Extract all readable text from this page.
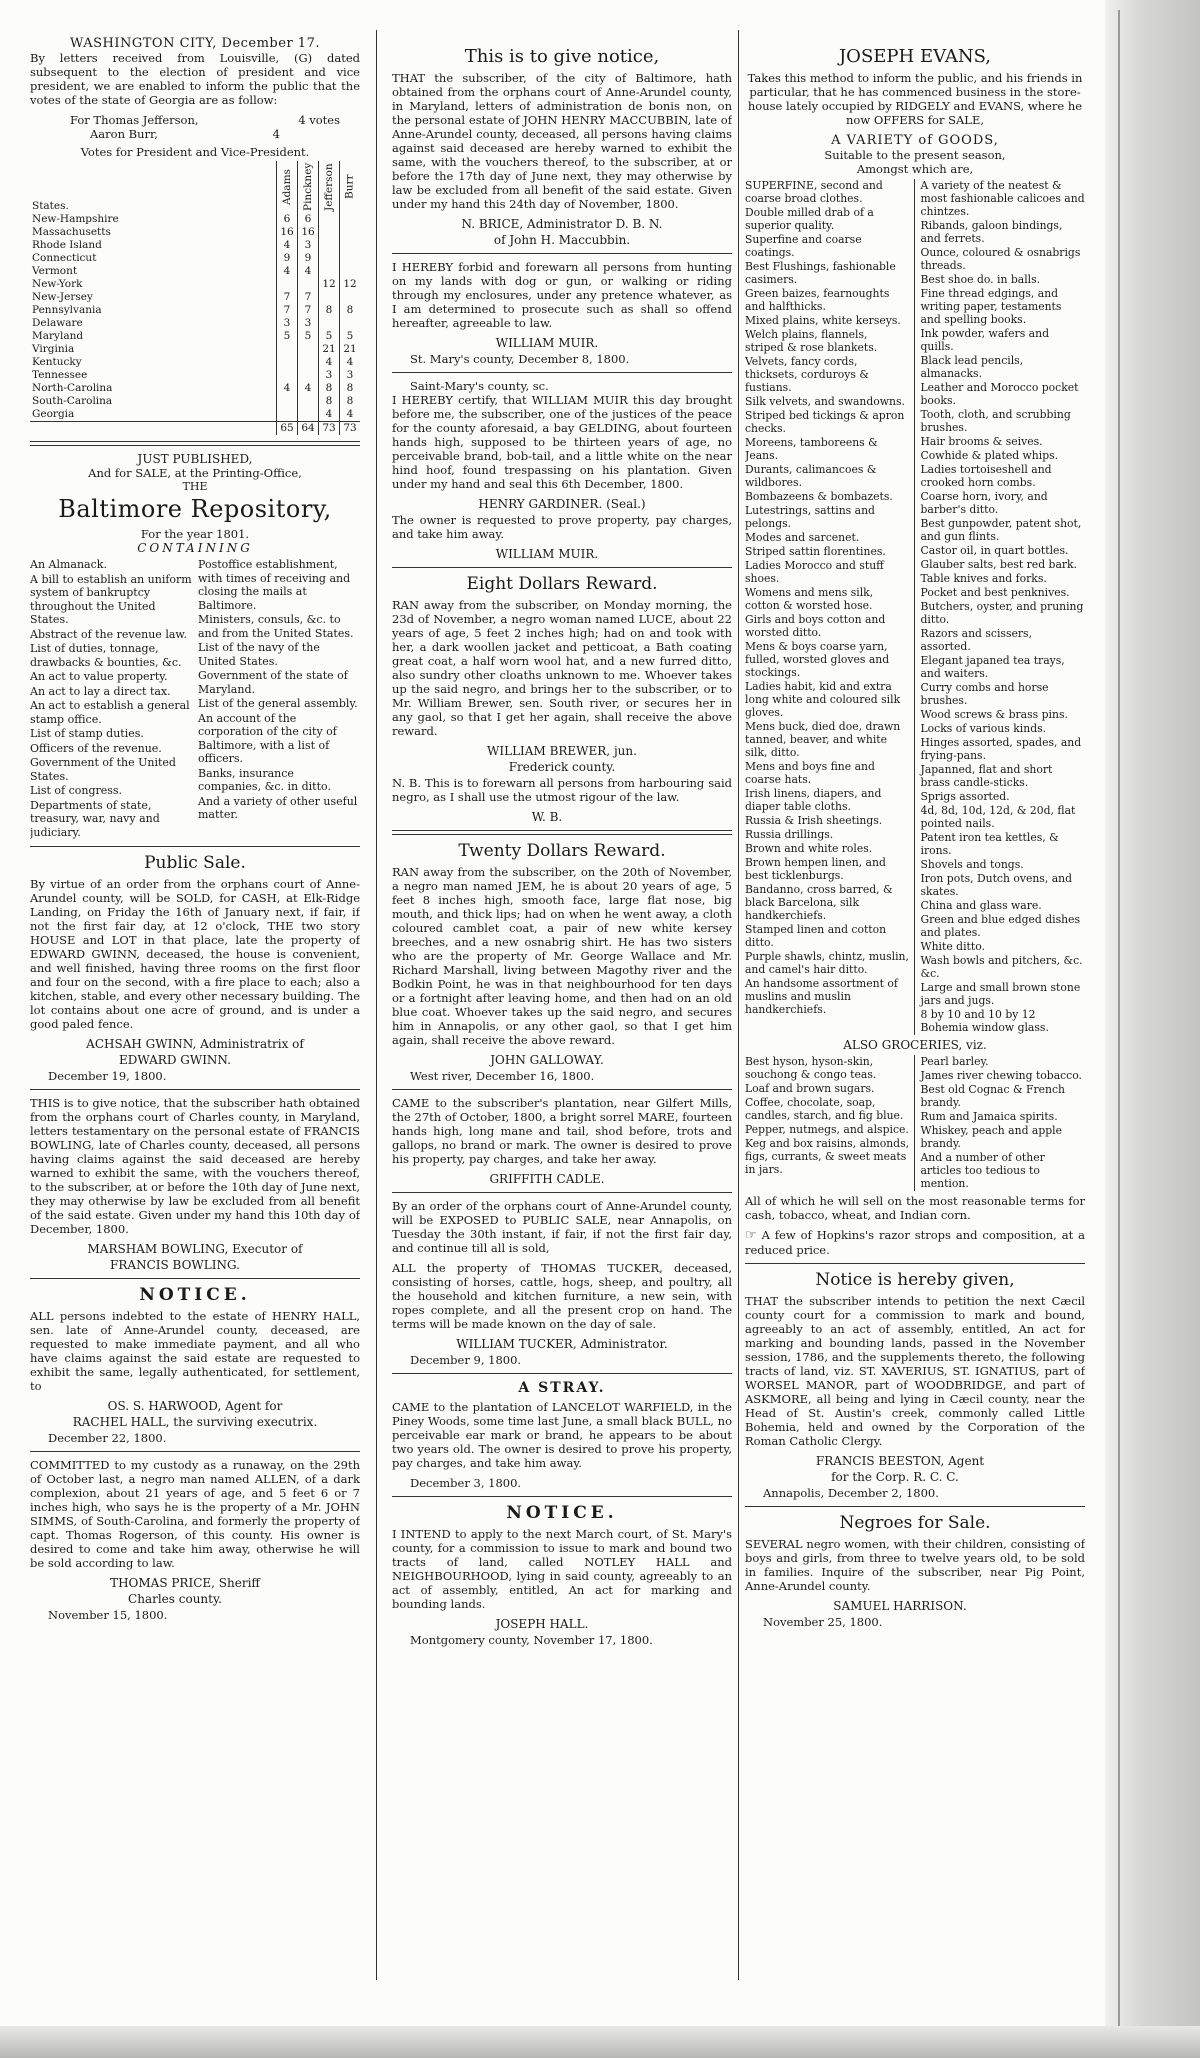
WASHINGTON CITY, December 17.

By letters received from Louisville, (G) dated subsequent to the election of president and vice president, we are enabled to inform the public that the votes of the state of Georgia are as follow:

For Thomas Jefferson,	4 votes
Aaron Burr,	4
Votes for President and Vice-President.
States.	Adams	Pinckney	Jefferson	Burr
New-Hampshire	6	6		
Massachusetts	16	16		
Rhode Island	4	3		
Connecticut	9	9		
Vermont	4	4		
New-York			12	12
New-Jersey	7	7		
Pennsylvania	7	7	8	8
Delaware	3	3		
Maryland	5	5	5	5
Virginia			21	21
Kentucky			4	4
Tennessee			3	3
North-Carolina	4	4	8	8
South-Carolina			8	8
Georgia			4	4
	65	64	73	73
JUST PUBLISHED,
And for SALE, at the Printing-Office,
THE
Baltimore Repository,
For the year 1801.
CONTAINING

An Almanack.

A bill to establish an uniform system of bankruptcy throughout the United States.

Abstract of the revenue law.

List of duties, tonnage, drawbacks & bounties, &c.

An act to value property.

An act to lay a direct tax.

An act to establish a general stamp office.

List of stamp duties.

Officers of the revenue.

Government of the United States.

List of congress.

Departments of state, treasury, war, navy and judiciary.

Postoffice establishment, with times of receiving and closing the mails at Baltimore.

Ministers, consuls, &c. to and from the United States.

List of the navy of the United States.

Government of the state of Maryland.

List of the general assembly.

An account of the corporation of the city of Baltimore, with a list of officers.

Banks, insurance companies, &c. in ditto.

And a variety of other useful matter.

Public Sale.

By virtue of an order from the orphans court of Anne-Arundel county, will be SOLD, for CASH, at Elk-Ridge Landing, on Friday the 16th of January next, if fair, if not the first fair day, at 12 o'clock, THE two story HOUSE and LOT in that place, late the property of EDWARD GWINN, deceased, the house is convenient, and well finished, having three rooms on the first floor and four on the second, with a fire place to each; also a kitchen, stable, and every other necessary building. The lot contains about one acre of ground, and is under a good paled fence.

ACHSAH GWINN, Administratrix of
EDWARD GWINN.
December 19, 1800.

THIS is to give notice, that the subscriber hath obtained from the orphans court of Charles county, in Maryland, letters testamentary on the personal estate of FRANCIS BOWLING, late of Charles county, deceased, all persons having claims against the said deceased are hereby warned to exhibit the same, with the vouchers thereof, to the subscriber, at or before the 10th day of June next, they may otherwise by law be excluded from all benefit of the said estate. Given under my hand this 10th day of December, 1800.

MARSHAM BOWLING, Executor of
FRANCIS BOWLING.
NOTICE.

ALL persons indebted to the estate of HENRY HALL, sen. late of Anne-Arundel county, deceased, are requested to make immediate payment, and all who have claims against the said estate are requested to exhibit the same, legally authenticated, for settlement, to

OS. S. HARWOOD, Agent for
RACHEL HALL, the surviving executrix.
December 22, 1800.

COMMITTED to my custody as a runaway, on the 29th of October last, a negro man named ALLEN, of a dark complexion, about 21 years of age, and 5 feet 6 or 7 inches high, who says he is the property of a Mr. JOHN SIMMS, of South-Carolina, and formerly the property of capt. Thomas Rogerson, of this county. His owner is desired to come and take him away, otherwise he will be sold according to law.

THOMAS PRICE, Sheriff
Charles county.
November 15, 1800.
This is to give notice,

THAT the subscriber, of the city of Baltimore, hath obtained from the orphans court of Anne-Arundel county, in Maryland, letters of administration de bonis non, on the personal estate of JOHN HENRY MACCUBBIN, late of Anne-Arundel county, deceased, all persons having claims against said deceased are hereby warned to exhibit the same, with the vouchers thereof, to the subscriber, at or before the 17th day of June next, they may otherwise by law be excluded from all benefit of the said estate. Given under my hand this 24th day of November, 1800.

N. BRICE, Administrator D. B. N.
of John H. Maccubbin.

I HEREBY forbid and forewarn all persons from hunting on my lands with dog or gun, or walking or riding through my enclosures, under any pretence whatever, as I am determined to prosecute such as shall so offend hereafter, agreeable to law.

WILLIAM MUIR.
St. Mary's county, December 8, 1800.
Saint-Mary's county, sc.

I HEREBY certify, that WILLIAM MUIR this day brought before me, the subscriber, one of the justices of the peace for the county aforesaid, a bay GELDING, about fourteen hands high, supposed to be thirteen years of age, no perceivable brand, bob-tail, and a little white on the near hind hoof, found trespassing on his plantation. Given under my hand and seal this 6th December, 1800.

HENRY GARDINER. (Seal.)

The owner is requested to prove property, pay charges, and take him away.

WILLIAM MUIR.
Eight Dollars Reward.

RAN away from the subscriber, on Monday morning, the 23d of November, a negro woman named LUCE, about 22 years of age, 5 feet 2 inches high; had on and took with her, a dark woollen jacket and petticoat, a Bath coating great coat, a half worn wool hat, and a new furred ditto, also sundry other cloaths unknown to me. Whoever takes up the said negro, and brings her to the subscriber, or to Mr. William Brewer, sen. South river, or secures her in any gaol, so that I get her again, shall receive the above reward.

WILLIAM BREWER, jun.
Frederick county.

N. B. This is to forewarn all persons from harbouring said negro, as I shall use the utmost rigour of the law.

W. B.
Twenty Dollars Reward.

RAN away from the subscriber, on the 20th of November, a negro man named JEM, he is about 20 years of age, 5 feet 8 inches high, smooth face, large flat nose, big mouth, and thick lips; had on when he went away, a cloth coloured camblet coat, a pair of new white kersey breeches, and a new osnabrig shirt. He has two sisters who are the property of Mr. George Wallace and Mr. Richard Marshall, living between Magothy river and the Bodkin Point, he was in that neighbourhood for ten days or a fortnight after leaving home, and then had on an old blue coat. Whoever takes up the said negro, and secures him in Annapolis, or any other gaol, so that I get him again, shall receive the above reward.

JOHN GALLOWAY.
West river, December 16, 1800.

CAME to the subscriber's plantation, near Gilfert Mills, the 27th of October, 1800, a bright sorrel MARE, fourteen hands high, long mane and tail, shod before, trots and gallops, no brand or mark. The owner is desired to prove his property, pay charges, and take her away.

GRIFFITH CADLE.

By an order of the orphans court of Anne-Arundel county, will be EXPOSED to PUBLIC SALE, near Annapolis, on Tuesday the 30th instant, if fair, if not the first fair day, and continue till all is sold,

ALL the property of THOMAS TUCKER, deceased, consisting of horses, cattle, hogs, sheep, and poultry, all the household and kitchen furniture, a new sein, with ropes complete, and all the present crop on hand. The terms will be made known on the day of sale.

WILLIAM TUCKER, Administrator.
December 9, 1800.
A STRAY.

CAME to the plantation of LANCELOT WARFIELD, in the Piney Woods, some time last June, a small black BULL, no perceivable ear mark or brand, he appears to be about two years old. The owner is desired to prove his property, pay charges, and take him away.

December 3, 1800.
NOTICE.

I INTEND to apply to the next March court, of St. Mary's county, for a commission to issue to mark and bound two tracts of land, called NOTLEY HALL and NEIGHBOURHOOD, lying in said county, agreeably to an act of assembly, entitled, An act for marking and bounding lands.

JOSEPH HALL.
Montgomery county, November 17, 1800.
JOSEPH EVANS,

Takes this method to inform the public, and his friends in particular, that he has commenced business in the store-house lately occupied by RIDGELY and EVANS, where he now OFFERS for SALE,

A VARIETY of GOODS,
Suitable to the present season,
Amongst which are,

SUPERFINE, second and coarse broad clothes.

Double milled drab of a superior quality.

Superfine and coarse coatings.

Best Flushings, fashionable casimers.

Green baizes, fearnoughts and halfthicks.

Mixed plains, white kerseys.

Welch plains, flannels, striped & rose blankets.

Velvets, fancy cords, thicksets, corduroys & fustians.

Silk velvets, and swandowns.

Striped bed tickings & apron checks.

Moreens, tamboreens & Jeans.

Durants, calimancoes & wildbores.

Bombazeens & bombazets.

Lutestrings, sattins and pelongs.

Modes and sarcenet.

Striped sattin florentines.

Ladies Morocco and stuff shoes.

Womens and mens silk, cotton & worsted hose.

Girls and boys cotton and worsted ditto.

Mens & boys coarse yarn, fulled, worsted gloves and stockings.

Ladies habit, kid and extra long white and coloured silk gloves.

Mens buck, died doe, drawn tanned, beaver, and white silk, ditto.

Mens and boys fine and coarse hats.

Irish linens, diapers, and diaper table cloths.

Russia & Irish sheetings.

Russia drillings.

Brown and white roles.

Brown hempen linen, and best ticklenburgs.

Bandanno, cross barred, & black Barcelona, silk handkerchiefs.

Stamped linen and cotton ditto.

Purple shawls, chintz, muslin, and camel's hair ditto.

An handsome assortment of muslins and muslin handkerchiefs.

A variety of the neatest & most fashionable calicoes and chintzes.

Ribands, galoon bindings, and ferrets.

Ounce, coloured & osnabrigs threads.

Best shoe do. in balls.

Fine thread edgings, and writing paper, testaments and spelling books.

Ink powder, wafers and quills.

Black lead pencils, almanacks.

Leather and Morocco pocket books.

Tooth, cloth, and scrubbing brushes.

Hair brooms & seives.

Cowhide & plated whips.

Ladies tortoiseshell and crooked horn combs.

Coarse horn, ivory, and barber's ditto.

Best gunpowder, patent shot, and gun flints.

Castor oil, in quart bottles.

Glauber salts, best red bark.

Table knives and forks.

Pocket and best penknives.

Butchers, oyster, and pruning ditto.

Razors and scissers, assorted.

Elegant japaned tea trays, and waiters.

Curry combs and horse brushes.

Wood screws & brass pins.

Locks of various kinds.

Hinges assorted, spades, and frying-pans.

Japanned, flat and short brass candle-sticks.

Sprigs assorted.

4d, 8d, 10d, 12d, & 20d, flat pointed nails.

Patent iron tea kettles, & irons.

Shovels and tongs.

Iron pots, Dutch ovens, and skates.

China and glass ware.

Green and blue edged dishes and plates.

White ditto.

Wash bowls and pitchers, &c. &c.

Large and small brown stone jars and jugs.

8 by 10 and 10 by 12 Bohemia window glass.

ALSO GROCERIES, viz.

Best hyson, hyson-skin, souchong & congo teas.

Loaf and brown sugars.

Coffee, chocolate, soap, candles, starch, and fig blue.

Pepper, nutmegs, and alspice.

Keg and box raisins, almonds, figs, currants, & sweet meats in jars.

Pearl barley.

James river chewing tobacco.

Best old Cognac & French brandy.

Rum and Jamaica spirits.

Whiskey, peach and apple brandy.

And a number of other articles too tedious to mention.

All of which he will sell on the most reasonable terms for cash, tobacco, wheat, and Indian corn.

☞ A few of Hopkins's razor strops and composition, at a reduced price.

Notice is hereby given,

THAT the subscriber intends to petition the next Cæcil county court for a commission to mark and bound, agreeably to an act of assembly, entitled, An act for marking and bounding lands, passed in the November session, 1786, and the supplements thereto, the following tracts of land, viz. ST. XAVERIUS, ST. IGNATIUS, part of WORSEL MANOR, part of WOODBRIDGE, and part of ASKMORE, all being and lying in Cæcil county, near the Head of St. Austin's creek, commonly called Little Bohemia, held and owned by the Corporation of the Roman Catholic Clergy.

FRANCIS BEESTON, Agent
for the Corp. R. C. C.
Annapolis, December 2, 1800.
Negroes for Sale.

SEVERAL negro women, with their children, consisting of boys and girls, from three to twelve years old, to be sold in families. Inquire of the subscriber, near Pig Point, Anne-Arundel county.

SAMUEL HARRISON.
November 25, 1800.
